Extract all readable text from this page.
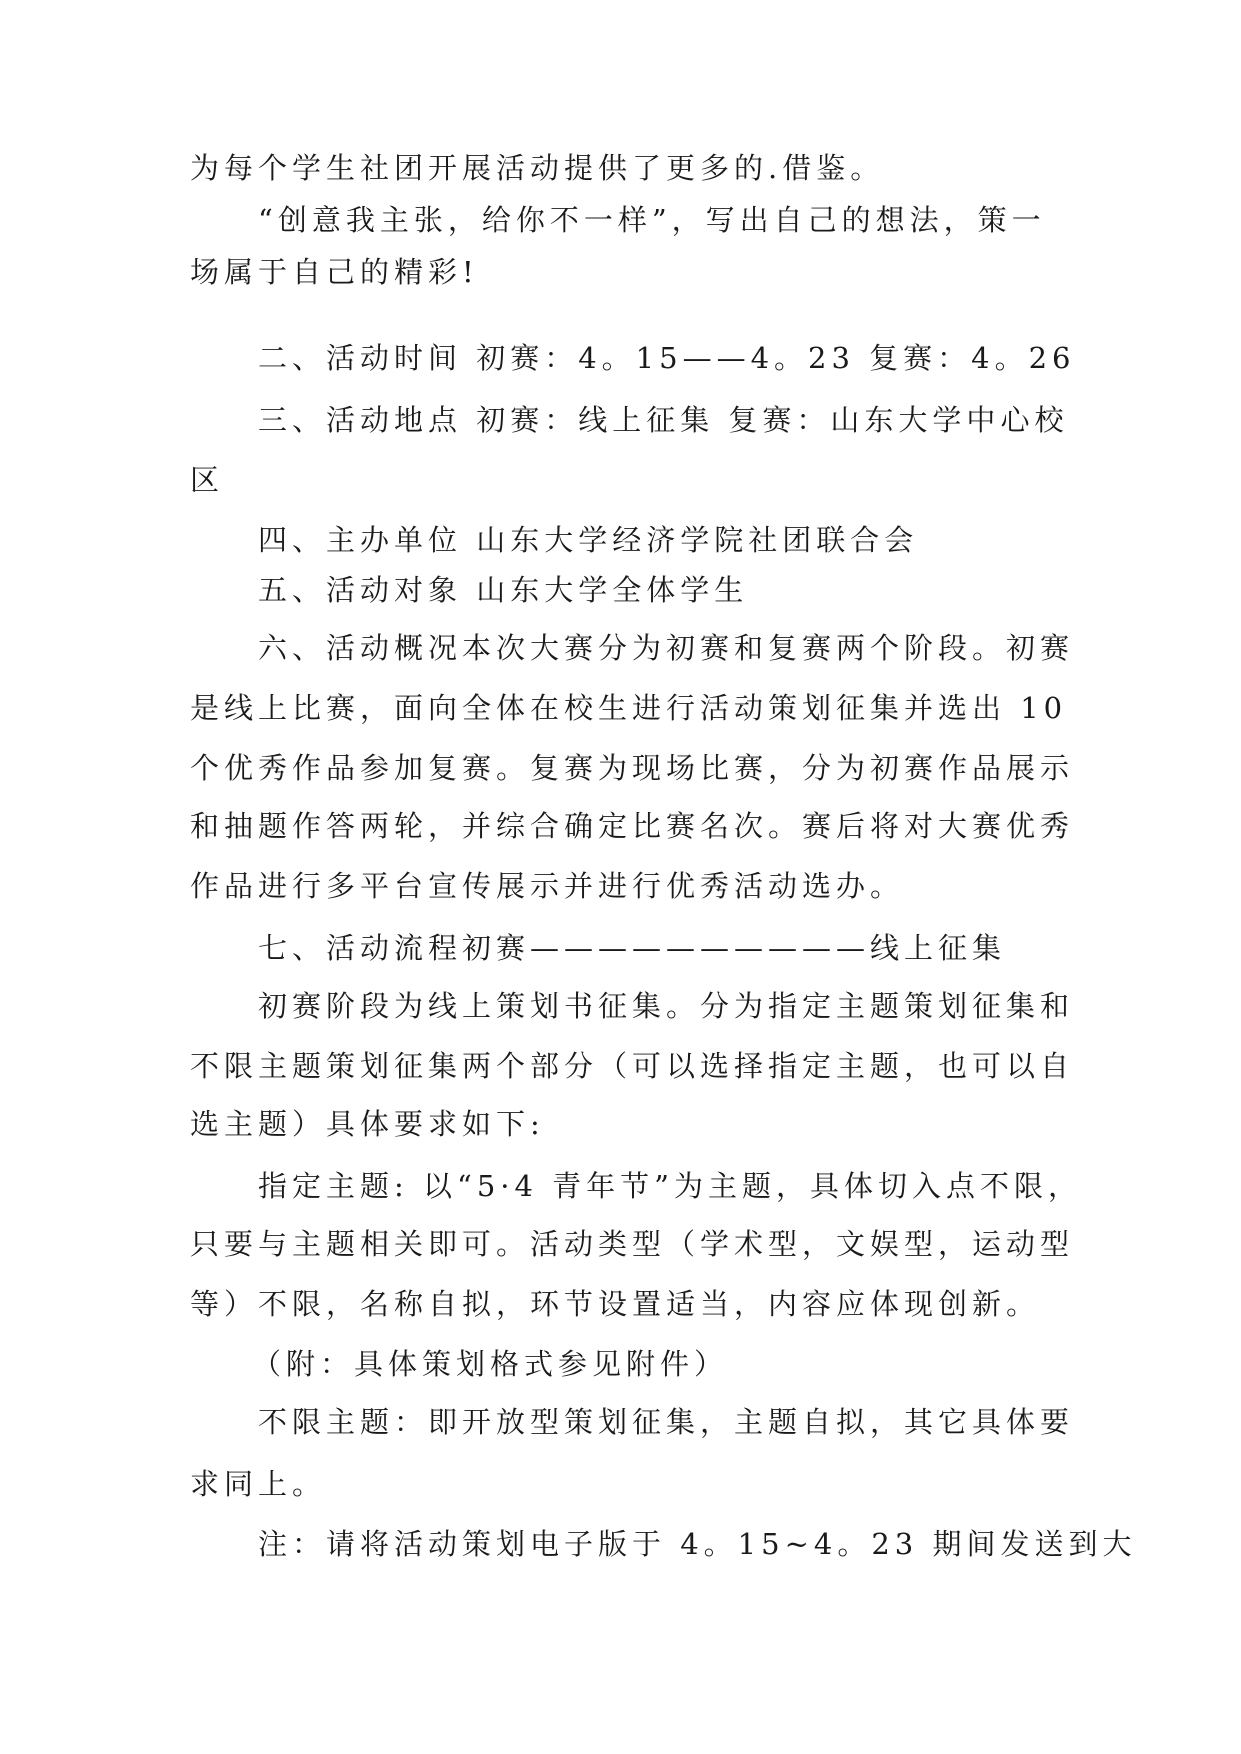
为每个学生社团开展活动提供了更多的.借鉴。
“创意我主张，给你不一样”，写出自己的想法，策一
场属于自己的精彩!
二、活动时间 初赛：4。15——4。23 复赛：4。26
三、活动地点 初赛：线上征集 复赛：山东大学中心校
区
四、主办单位 山东大学经济学院社团联合会
五、活动对象 山东大学全体学生
六、活动概况本次大赛分为初赛和复赛两个阶段。初赛
是线上比赛，面向全体在校生进行活动策划征集并选出 10
个优秀作品参加复赛。复赛为现场比赛，分为初赛作品展示
和抽题作答两轮，并综合确定比赛名次。赛后将对大赛优秀
作品进行多平台宣传展示并进行优秀活动选办。
七、活动流程初赛——————————线上征集
初赛阶段为线上策划书征集。分为指定主题策划征集和
不限主题策划征集两个部分（可以选择指定主题，也可以自
选主题）具体要求如下:
指定主题: 以“5·4 青年节”为主题，具体切入点不限，
只要与主题相关即可。活动类型（学术型，文娱型，运动型
等）不限，名称自拟，环节设置适当，内容应体现创新。
（附：具体策划格式参见附件）
不限主题：即开放型策划征集，主题自拟，其它具体要
求同上。
注：请将活动策划电子版于 4。15~4。23 期间发送到大
